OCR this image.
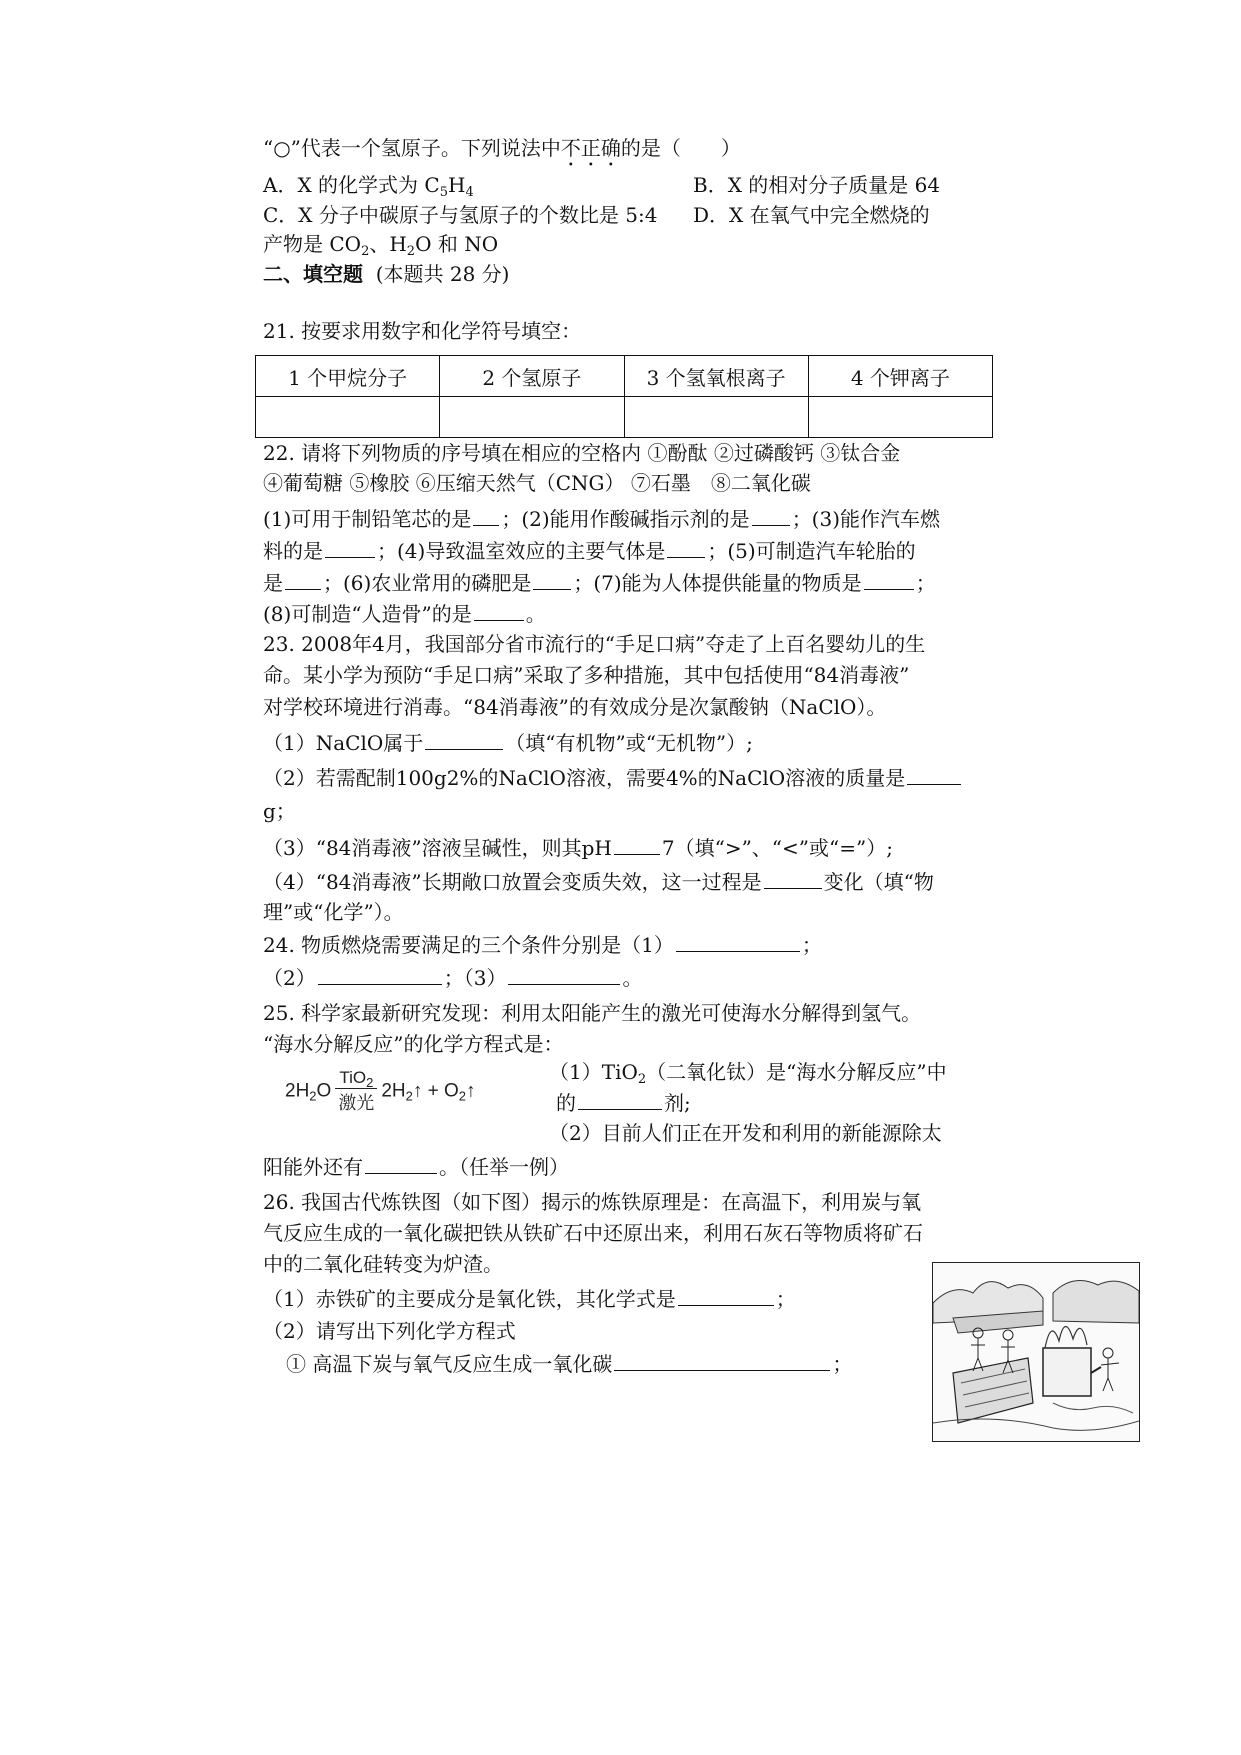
“○”代表一个氢原子。下列说法中不正确的是（　　）
A．X 的化学式为 $C_5H_4$	B．X 的相对分子质量是 64
C．X 分子中碳原子与氢原子的个数比是 5:4 D．X 在氧气中完全燃烧的
产物是 $CO_2$、$H_2O$ 和 NO
二、填空题 (本题共 28 分)
21. 按要求用数字和化学符号填空：
1 个甲烷分子	2 个氢原子	3 个氢氧根离子	4 个钾离子

22. 请将下列物质的序号填在相应的空格内 ①酚酞 ②过磷酸钙 ③钛合金
④葡萄糖 ⑤橡胶 ⑥压缩天然气（CNG） ⑦石墨　⑧二氧化碳
(1)可用于制铅笔芯的是 ；(2)能用作酸碱指示剂的是 ；(3)能作汽车燃
料的是	；(4)导致温室效应的主要气体是 ；(5)可制造汽车轮胎的
是 ；(6)农业常用的磷肥是 ；(7)能为人体提供能量的物质是	；
(8)可制造“人造骨”的是	。
23. 2008年4月，我国部分省市流行的“手足口病”夺走了上百名婴幼儿的生
命。某小学为预防“手足口病”采取了多种措施，其中包括使用“84消毒液”
对学校环境进行消毒。“84消毒液”的有效成分是次氯酸钠（NaClO）。
（1）NaClO属于	（填“有机物”或“无机物”）;
（2）若需配制100g2%的NaClO溶液，需要4%的NaClO溶液的质量是
g；
（3）“84消毒液”溶液呈碱性，则其pH	7（填“>”、“<”或“=”）;
（4）“84消毒液”长期敞口放置会变质失效，这一过程是	变化（填“物
理”或“化学”）。
24. 物质燃烧需要满足的三个条件分别是（1）	；
（2）	；（3）	。
25. 科学家最新研究发现：利用太阳能产生的激光可使海水分解得到氢气。
“海水分解反应”的化学方程式是：
$2H_2O \frac{TiO_2}{\text{激光}}$ $2H_2↑$ + $O_2↑$
（1）TiO$_2$（二氧化钛）是“海水分解反应”中
的	剂;
（2）目前人们正在开发和利用的新能源除太
阳能外还有	。（任举一例）
26. 我国古代炼铁图（如下图）揭示的炼铁原理是：在高温下，利用炭与氧
气反应生成的一氧化碳把铁从铁矿石中还原出来，利用石灰石等物质将矿石
中的二氧化硅转变为炉渣。
（1）赤铁矿的主要成分是氧化铁，其化学式是	；
（2）请写出下列化学方程式
① 高温下炭与氧气反应生成一氧化碳	；
